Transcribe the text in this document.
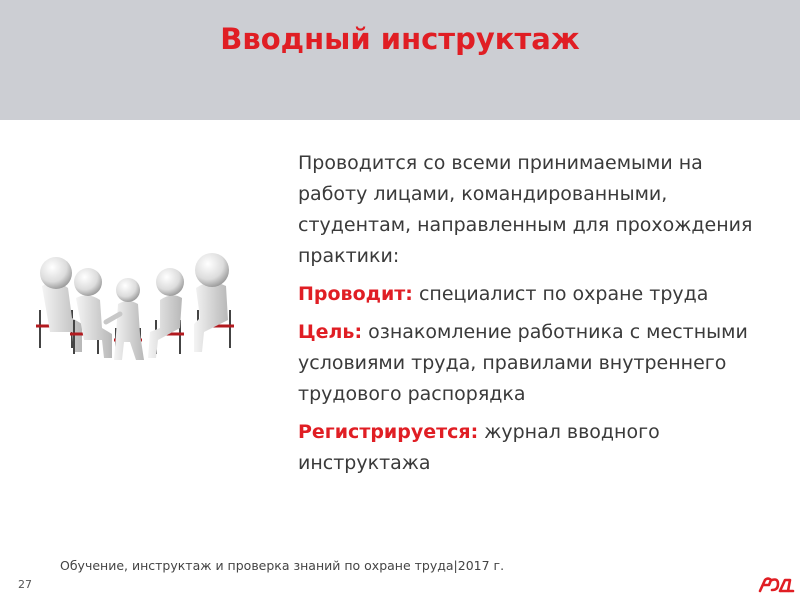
Вводный инструктаж

Проводится со всеми принимаемыми на работу лицами, командированными, студентам, направленным для прохождения практики:

Проводит: специалист по охране труда

Цель: ознакомление работника с местными условиями труда, правилами внутреннего трудового распорядка

Регистрируется: журнал вводного инструктажа

Обучение, инструктаж и проверка знаний по охране труда|2017 г.
27
